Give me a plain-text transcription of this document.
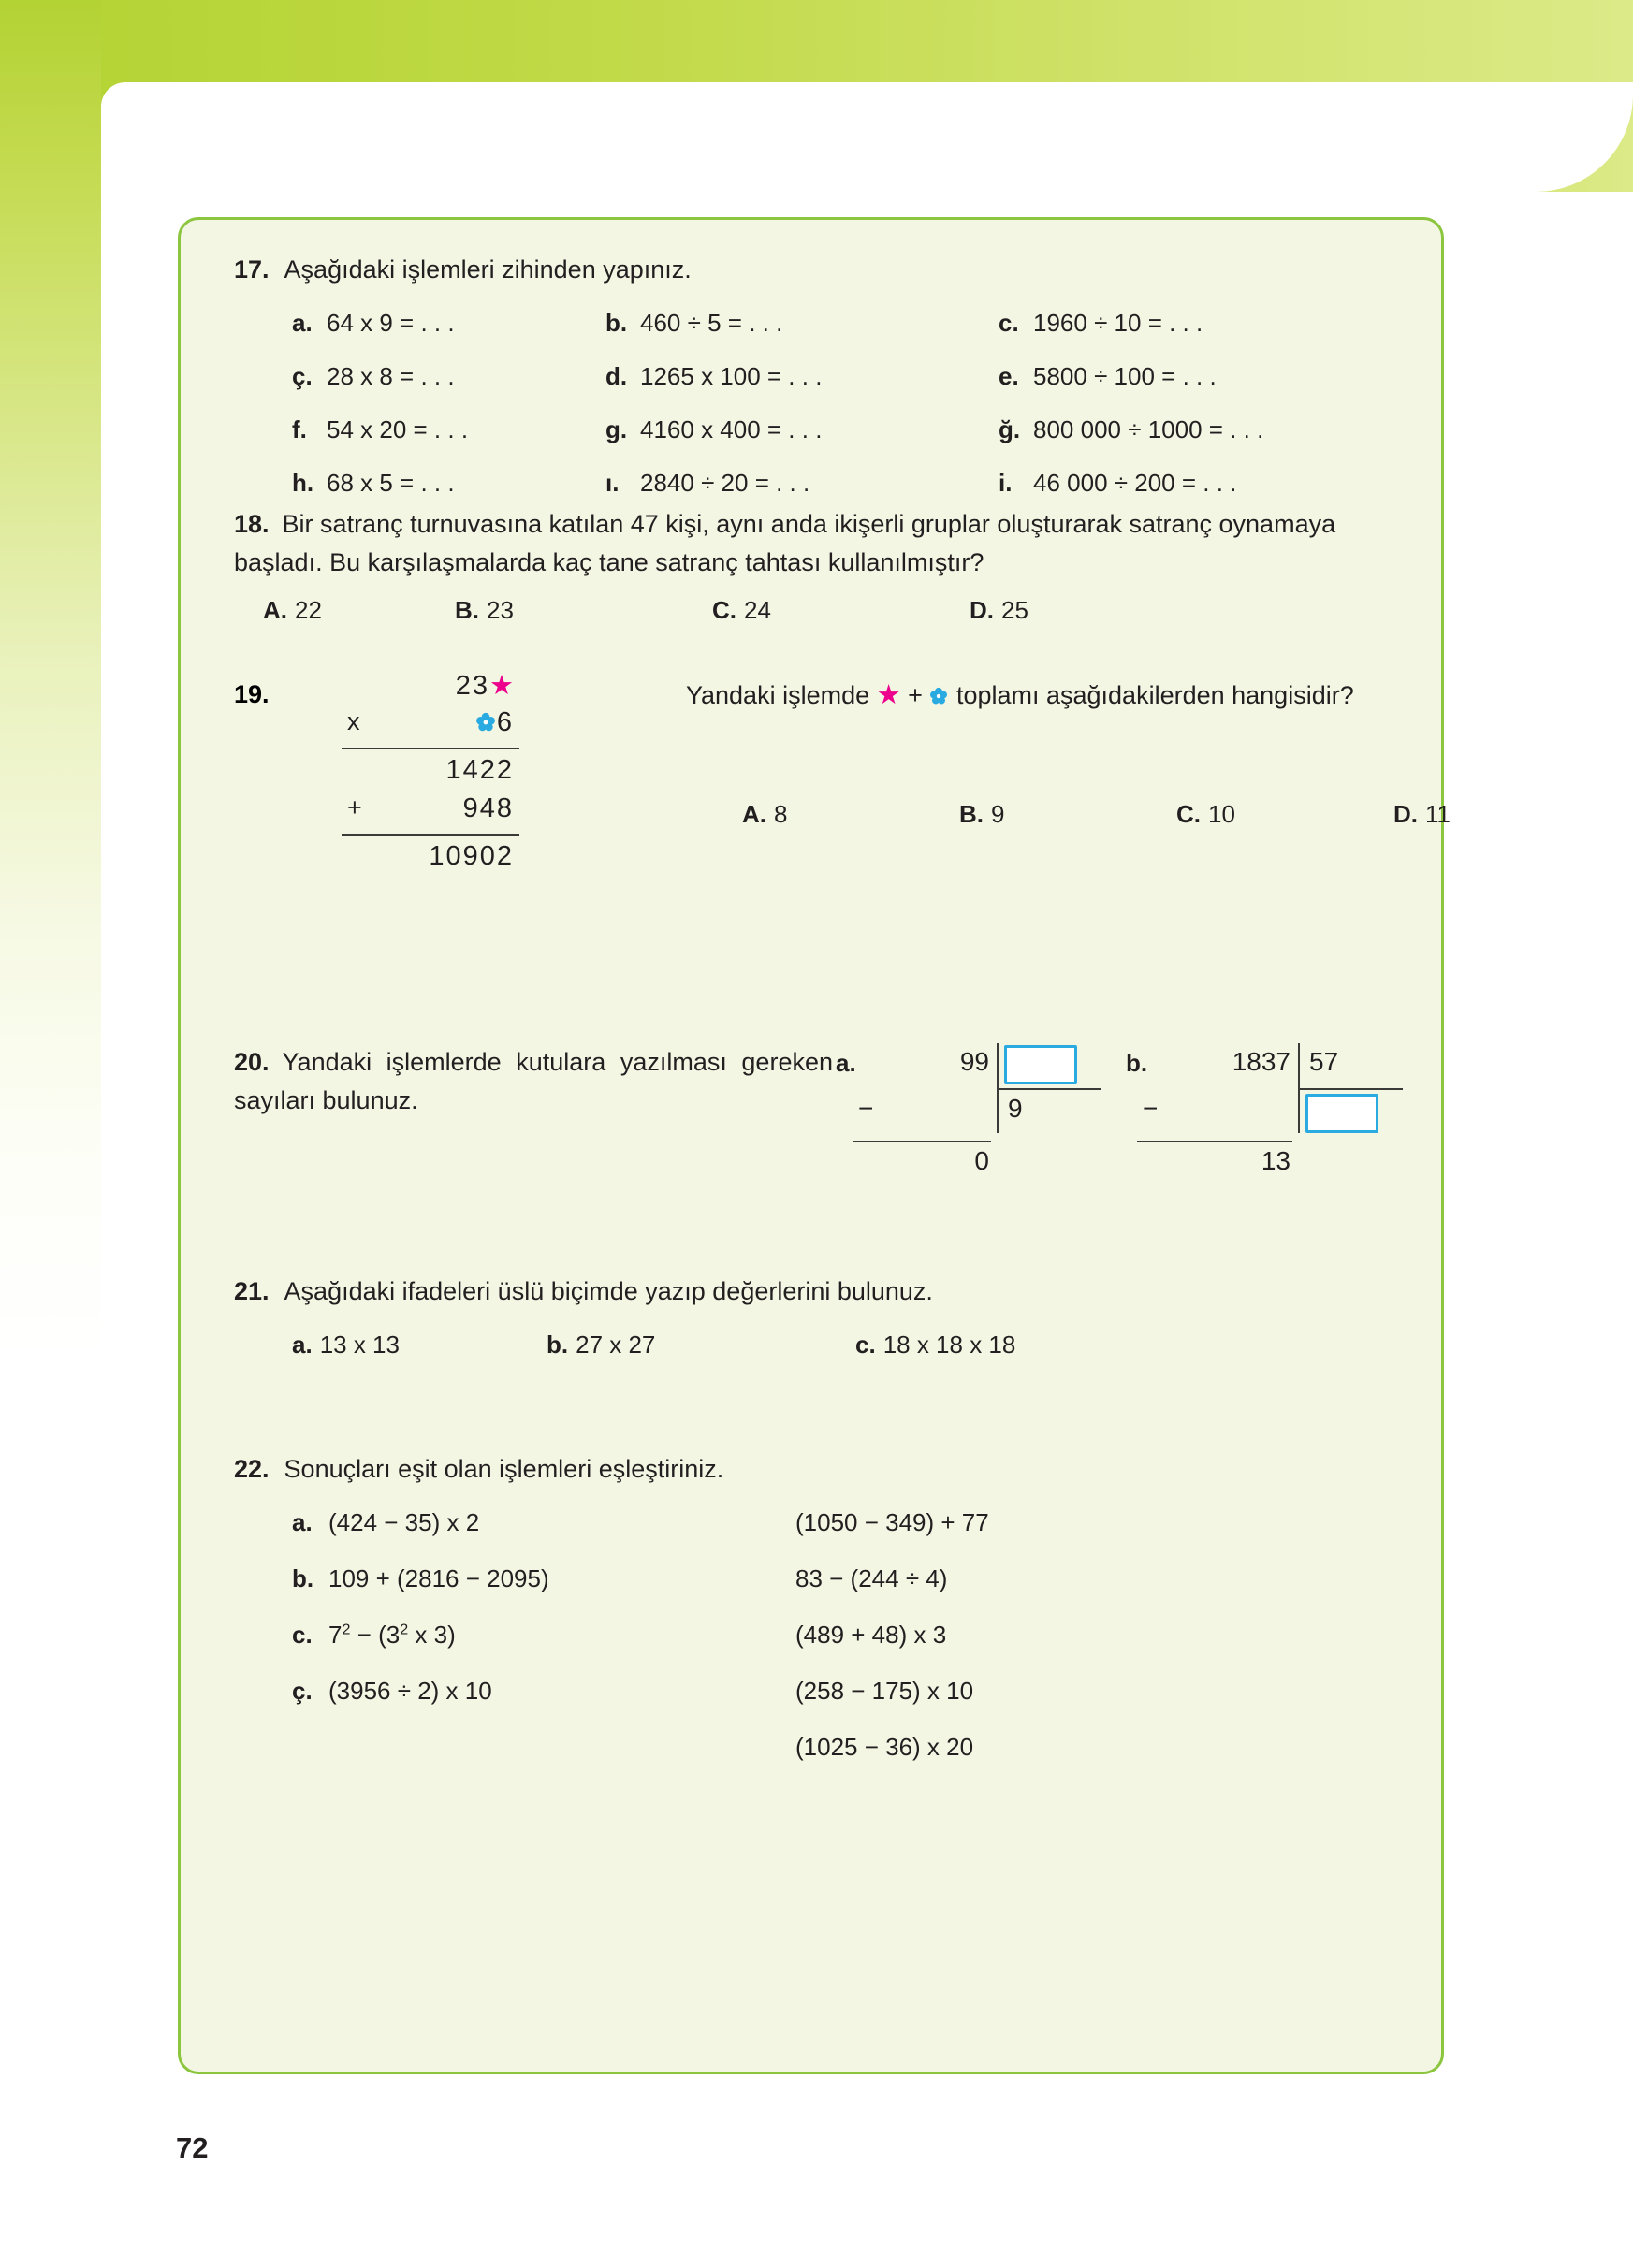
17. Aşağıdaki işlemleri zihinden yapınız.
a. 64 x 9 = . . .	b. 460 ÷ 5 = . . .	c. 1960 ÷ 10 = . . .
ç. 28 x 8 = . . .	d. 1265 x 100 = . . .	e. 5800 ÷ 100 = . . .
f. 54 x 20 = . . .	g. 4160 x 400 = . . .	ğ. 800 000 ÷ 1000 = . . .
h. 68 x 5 = . . .	ı. 2840 ÷ 20 = . . .	i. 46 000 ÷ 200 = . . .
18. Bir satranç turnuvasına katılan 47 kişi, aynı anda ikişerli gruplar oluşturarak satranç oynamaya başladı. Bu karşılaşmalarda kaç tane satranç tahtası kullanılmıştır?
A. 22	B. 23	C. 24	D. 25
19.	23★
x	6
1422
+	948
10902
Yandaki işlemde ★ + toplamı aşağıdakilerden hangisidir?
A. 8	B. 9	C. 10	D. 11
20. Yandaki işlemlerde kutulara yazılması gereken sayıları bulunuz.
a.	99
9
−
0
b.	1837 57
−
13
21. Aşağıdaki ifadeleri üslü biçimde yazıp değerlerini bulunuz.
a. 13 x 13	b. 27 x 27	c. 18 x 18 x 18
22. Sonuçları eşit olan işlemleri eşleştiriniz.
a. (424 − 35) x 2
b. 109 + (2816 − 2095)
c. $7^2 - (3^2$ x 3)
ç. (3956 ÷ 2) x 10
(1050 − 349) + 77
83 − (244 ÷ 4)
(489 + 48) x 3
(258 − 175) x 10
(1025 − 36) x 20
72
